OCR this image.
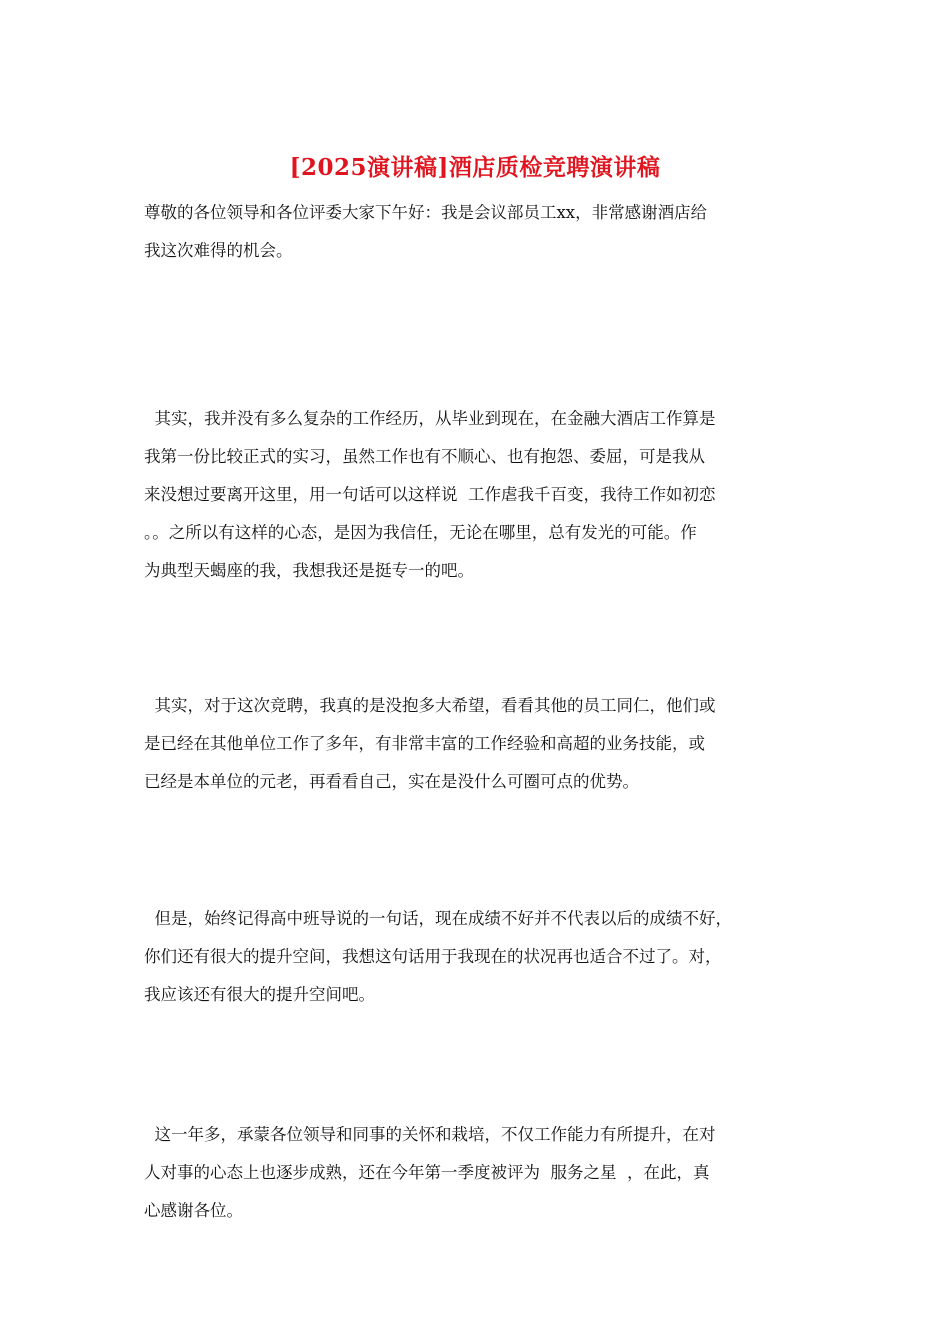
[2025演讲稿]酒店质检竞聘演讲稿

尊敬的各位领导和各位评委大家下午好：我是会议部员工xx，非常感谢酒店给
我这次难得的机会。

其实，我并没有多么复杂的工作经历，从毕业到现在，在金融大酒店工作算是
我第一份比较正式的实习，虽然工作也有不顺心、也有抱怨、委屈，可是我从
来没想过要离开这里，用一句话可以这样说  工作虐我千百变，我待工作如初恋
。。之所以有这样的心态，是因为我信任，无论在哪里，总有发光的可能。作
为典型天蝎座的我，我想我还是挺专一的吧。

其实，对于这次竞聘，我真的是没抱多大希望，看看其他的员工同仁，他们或
是已经在其他单位工作了多年，有非常丰富的工作经验和高超的业务技能，或
已经是本单位的元老，再看看自己，实在是没什么可圈可点的优势。

但是，始终记得高中班导说的一句话，现在成绩不好并不代表以后的成绩不好，
你们还有很大的提升空间，我想这句话用于我现在的状况再也适合不过了。对，
我应该还有很大的提升空间吧。

这一年多，承蒙各位领导和同事的关怀和栽培，不仅工作能力有所提升，在对
人对事的心态上也逐步成熟，还在今年第一季度被评为  服务之星  ，在此，真
心感谢各位。
